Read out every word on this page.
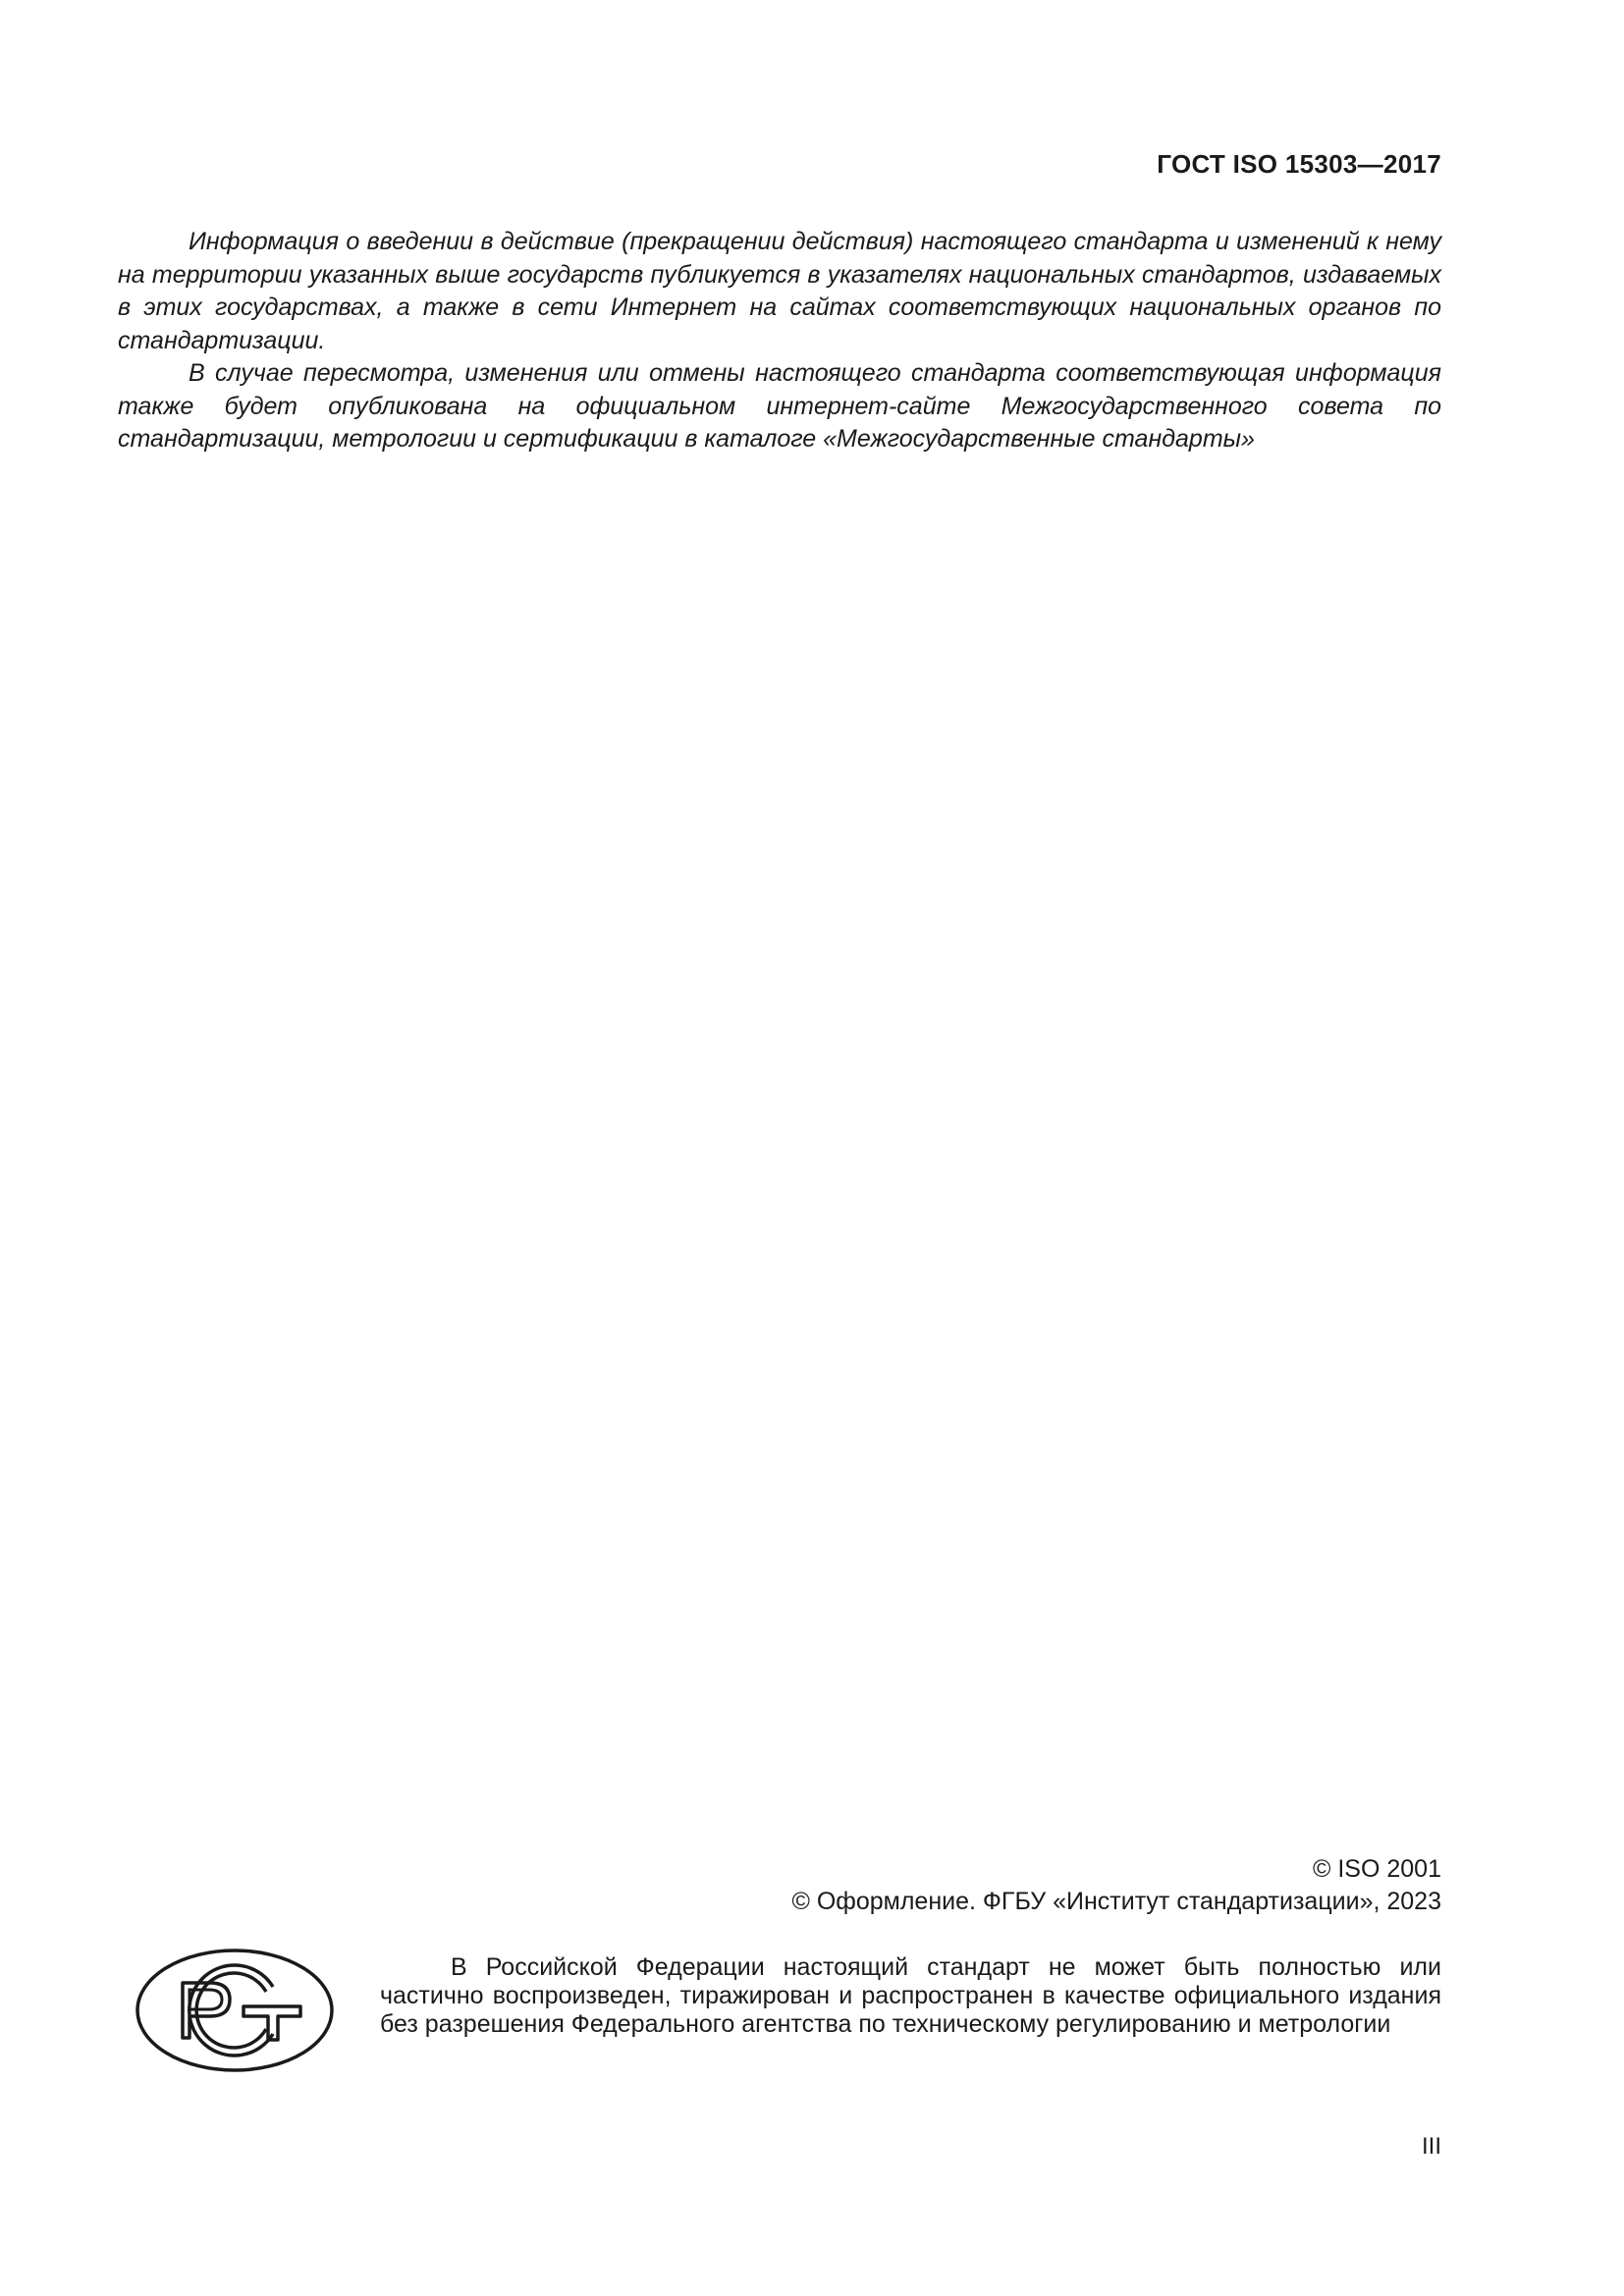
ГОСТ ISO 15303—2017

Информация о введении в действие (прекращении действия) настоящего стандарта и изменений к нему на территории указанных выше государств публикуется в указателях национальных стандартов, издаваемых в этих государствах, а также в сети Интернет на сайтах соответствующих национальных органов по стандартизации.

В случае пересмотра, изменения или отмены настоящего стандарта соответствующая информация также будет опубликована на официальном интернет-сайте Межгосударственного совета по стандартизации, метрологии и сертификации в каталоге «Межгосударственные стандарты»

© ISO 2001
© Оформление. ФГБУ «Институт стандартизации», 2023

В Российской Федерации настоящий стандарт не может быть полностью или частично воспроизведен, тиражирован и распространен в качестве официального издания без разрешения Федерального агентства по техническому регулированию и метрологии

III
